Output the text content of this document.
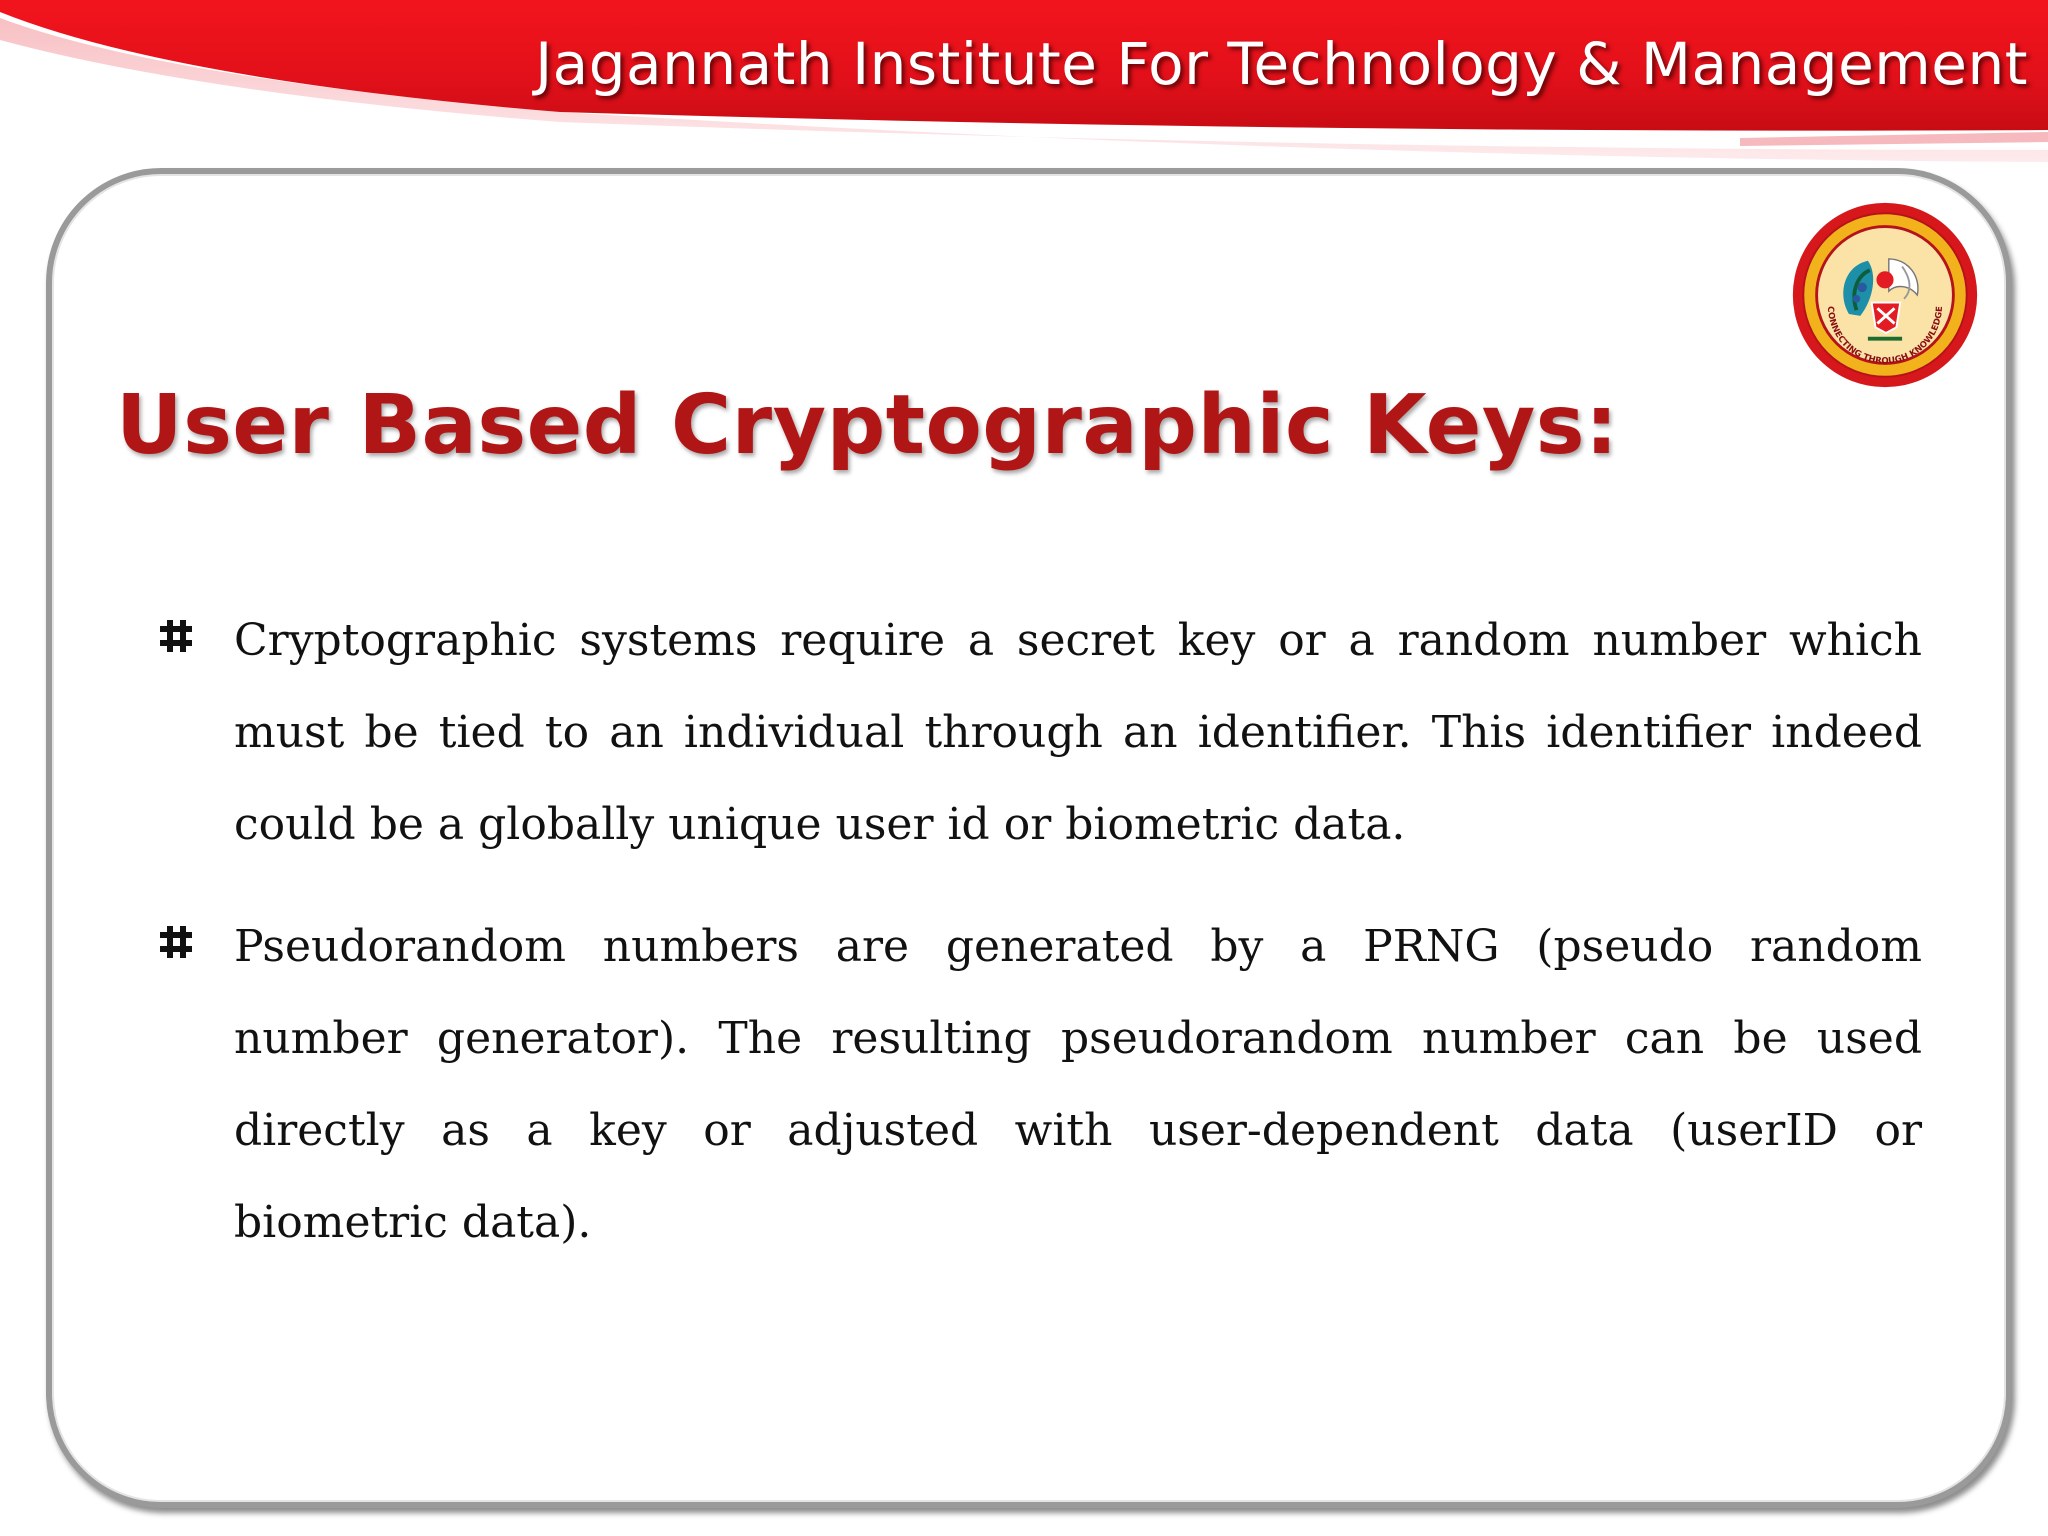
Jagannath Institute For Technology & Management
CONNECTING THROUGH KNOWLEDGE
User Based Cryptographic Keys:
Cryptographic systems require a secret key or a random number which must be tied to an individual through an identifier. This identifier indeed could be a globally unique user id or biometric data.
Pseudorandom numbers are generated by a PRNG (pseudo random number generator). The resulting pseudorandom number can be used directly as a key or adjusted with user-dependent data (userID or biometric data).
